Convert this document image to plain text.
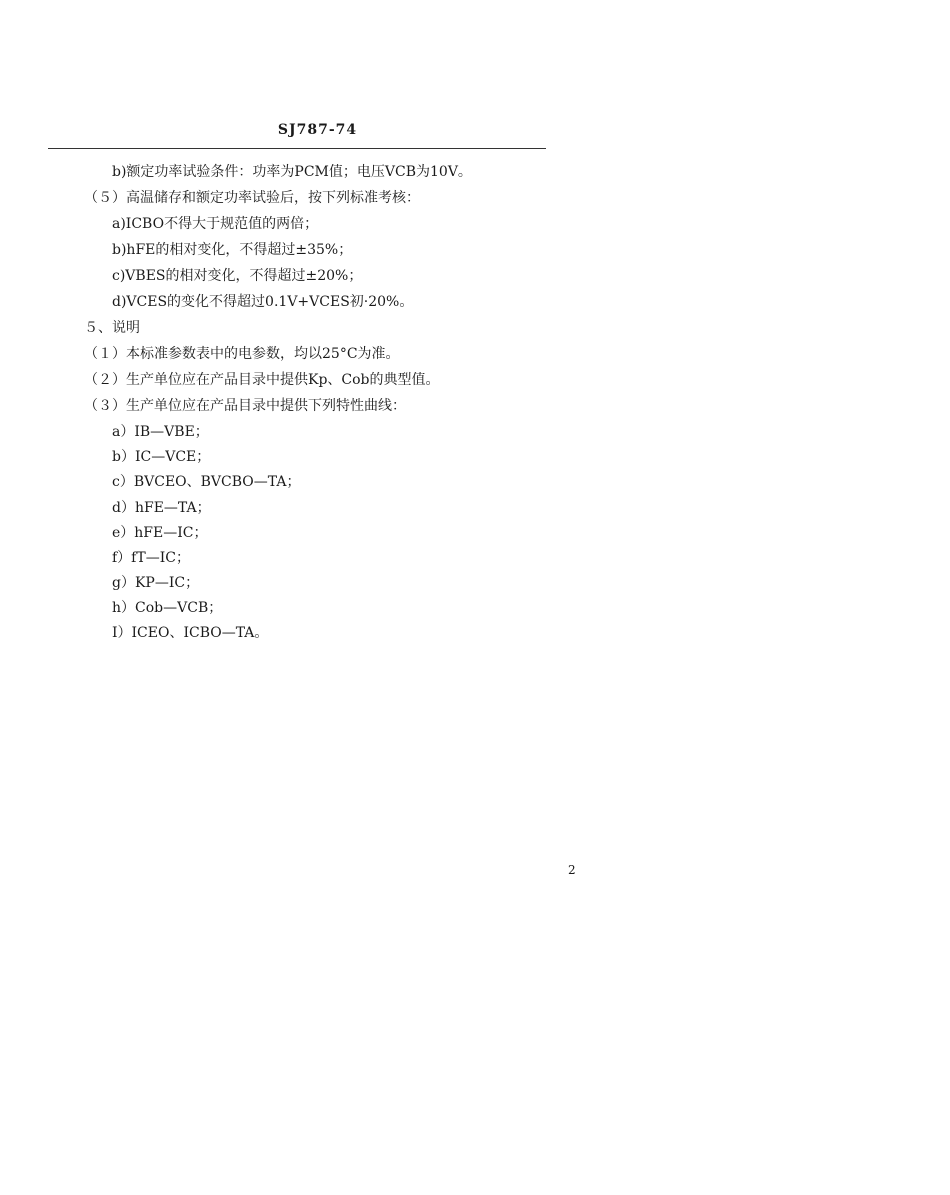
SJ787-74
b)额定功率试验条件：功率为PCM值；电压VCB为10V。
（５）高温储存和额定功率试验后，按下列标准考核：
a)ICBO不得大于规范值的两倍；
b)hFE的相对变化，不得超过±35%；
c)VBES的相对变化，不得超过±20%；
d)VCES的变化不得超过0.1V+VCES初·20%。
５、说明
（１）本标准参数表中的电参数，均以25°C为准。
（２）生产单位应在产品目录中提供Kp、Cob的典型值。
（３）生产单位应在产品目录中提供下列特性曲线：
a）IB—VBE；
b）IC—VCE；
c）BVCEO、BVCBO—TA；
d）hFE—TA；
e）hFE—IC；
f）fT—IC；
g）KP—IC；
h）Cob—VCB；
I）ICEO、ICBO—TA。
2
